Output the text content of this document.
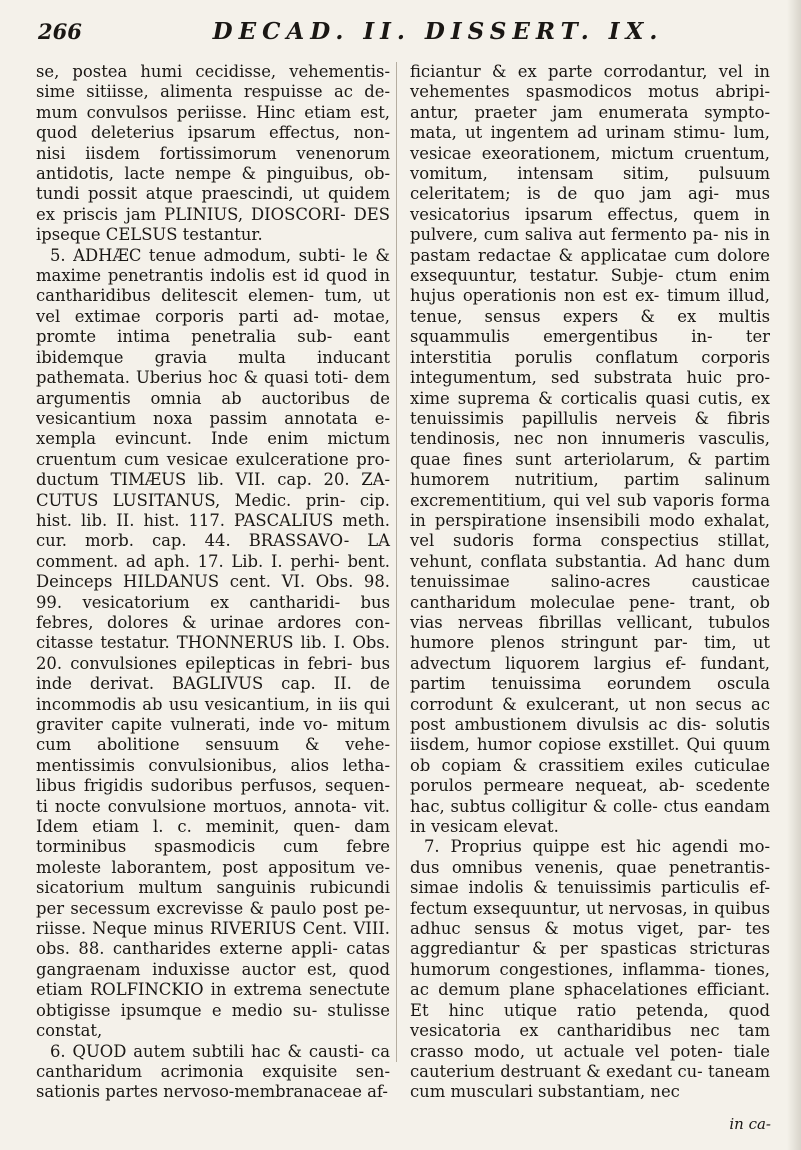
266	DECAD. II. DISSERT. IX.

se, postea humi cecidisse, vehementis- sime sitiisse, alimenta respuisse ac de- mum convulsos periisse. Hinc etiam est, quod deleterius ipsarum effectus, non- nisi iisdem fortissimorum venenorum antidotis, lacte nempe & pinguibus, ob- tundi possit atque praescindi, ut quidem ex priscis jam PLINIUS, DIOSCORI- DES ipseque CELSUS testantur.

5. ADHÆC tenue admodum, subti- le & maxime penetrantis indolis est id quod in cantharidibus delitescit elemen- tum, ut vel extimae corporis parti ad- motae, promte intima penetralia sub- eant ibidemque gravia multa inducant pathemata. Uberius hoc & quasi toti- dem argumentis omnia ab auctoribus de vesicantium noxa passim annotata e- xempla evincunt. Inde enim mictum cruentum cum vesicae exulceratione pro- ductum TIMÆUS lib. VII. cap. 20. ZA- CUTUS LUSITANUS, Medic. prin- cip. hist. lib. II. hist. 117. PASCALIUS meth. cur. morb. cap. 44. BRASSAVO- LA comment. ad aph. 17. Lib. I. perhi- bent. Deinceps HILDANUS cent. VI. Obs. 98. 99. vesicatorium ex cantharidi- bus febres, dolores & urinae ardores con- citasse testatur. THONNERUS lib. I. Obs. 20. convulsiones epilepticas in febri- bus inde derivat. BAGLIVUS cap. II. de incommodis ab usu vesicantium, in iis qui graviter capite vulnerati, inde vo- mitum cum abolitione sensuum & vehe- mentissimis convulsionibus, alios letha- libus frigidis sudoribus perfusos, sequen- ti nocte convulsione mortuos, annota- vit. Idem etiam l. c. meminit, quen- dam torminibus spasmodicis cum febre moleste laborantem, post appositum ve- sicatorium multum sanguinis rubicundi per secessum excrevisse & paulo post pe- riisse. Neque minus RIVERIUS Cent. VIII. obs. 88. cantharides externe appli- catas gangraenam induxisse auctor est, quod etiam ROLFINCKIO in extrema senectute obtigisse ipsumque e medio su- stulisse constat,

6. QUOD autem subtili hac & causti- ca cantharidum acrimonia exquisite sen- sationis partes nervoso-membranaceae af-

ficiantur & ex parte corrodantur, vel in vehementes spasmodicos motus abripi- antur, praeter jam enumerata sympto- mata, ut ingentem ad urinam stimu- lum, vesicae exeorationem, mictum cruentum, vomitum, intensam sitim, pulsuum celeritatem; is de quo jam agi- mus vesicatorius ipsarum effectus, quem in pulvere, cum saliva aut fermento pa- nis in pastam redactae & applicatae cum dolore exsequuntur, testatur. Subje- ctum enim hujus operationis non est ex- timum illud, tenue, sensus expers & ex multis squammulis emergentibus in- ter interstitia porulis conflatum corporis integumentum, sed substrata huic pro- xime suprema & corticalis quasi cutis, ex tenuissimis papillulis nerveis & fibris tendinosis, nec non innumeris vasculis, quae fines sunt arteriolarum, & partim humorem nutritium, partim salinum excrementitium, qui vel sub vaporis forma in perspiratione insensibili modo exhalat, vel sudoris forma conspectius stillat, vehunt, conflata substantia. Ad hanc dum tenuissimae salino-acres causticae cantharidum moleculae pene- trant, ob vias nerveas fibrillas vellicant, tubulos humore plenos stringunt par- tim, ut advectum liquorem largius ef- fundant, partim tenuissima eorundem osculа corrodunt & exulcerant, ut non secus ac post ambustionem divulsis ac dis- solutis iisdem, humor copiose exstillet. Qui quum ob copiam & crassitiem exiles cuticulae porulos permeare nequeat, ab- scedente hac, subtus colligitur & colle- ctus eandam in vesicam elevat.

7. Proprius quippe est hic agendi mo- dus omnibus venenis, quae penetrantis- simae indolis & tenuissimis particulis ef- fectum exsequuntur, ut nervosas, in quibus adhuc sensus & motus viget, par- tes aggrediantur & per spasticas stricturas humorum congestiones, inflamma- tiones, ac demum plane sphacelationes efficiant. Et hinc utique ratio petenda, quod vesicatoria ex cantharidibus nec tam crasso modo, ut actuale vel poten- tiale cauterium destruant & exedant cu- taneam cum musculari substantiam, nec

in ca-
